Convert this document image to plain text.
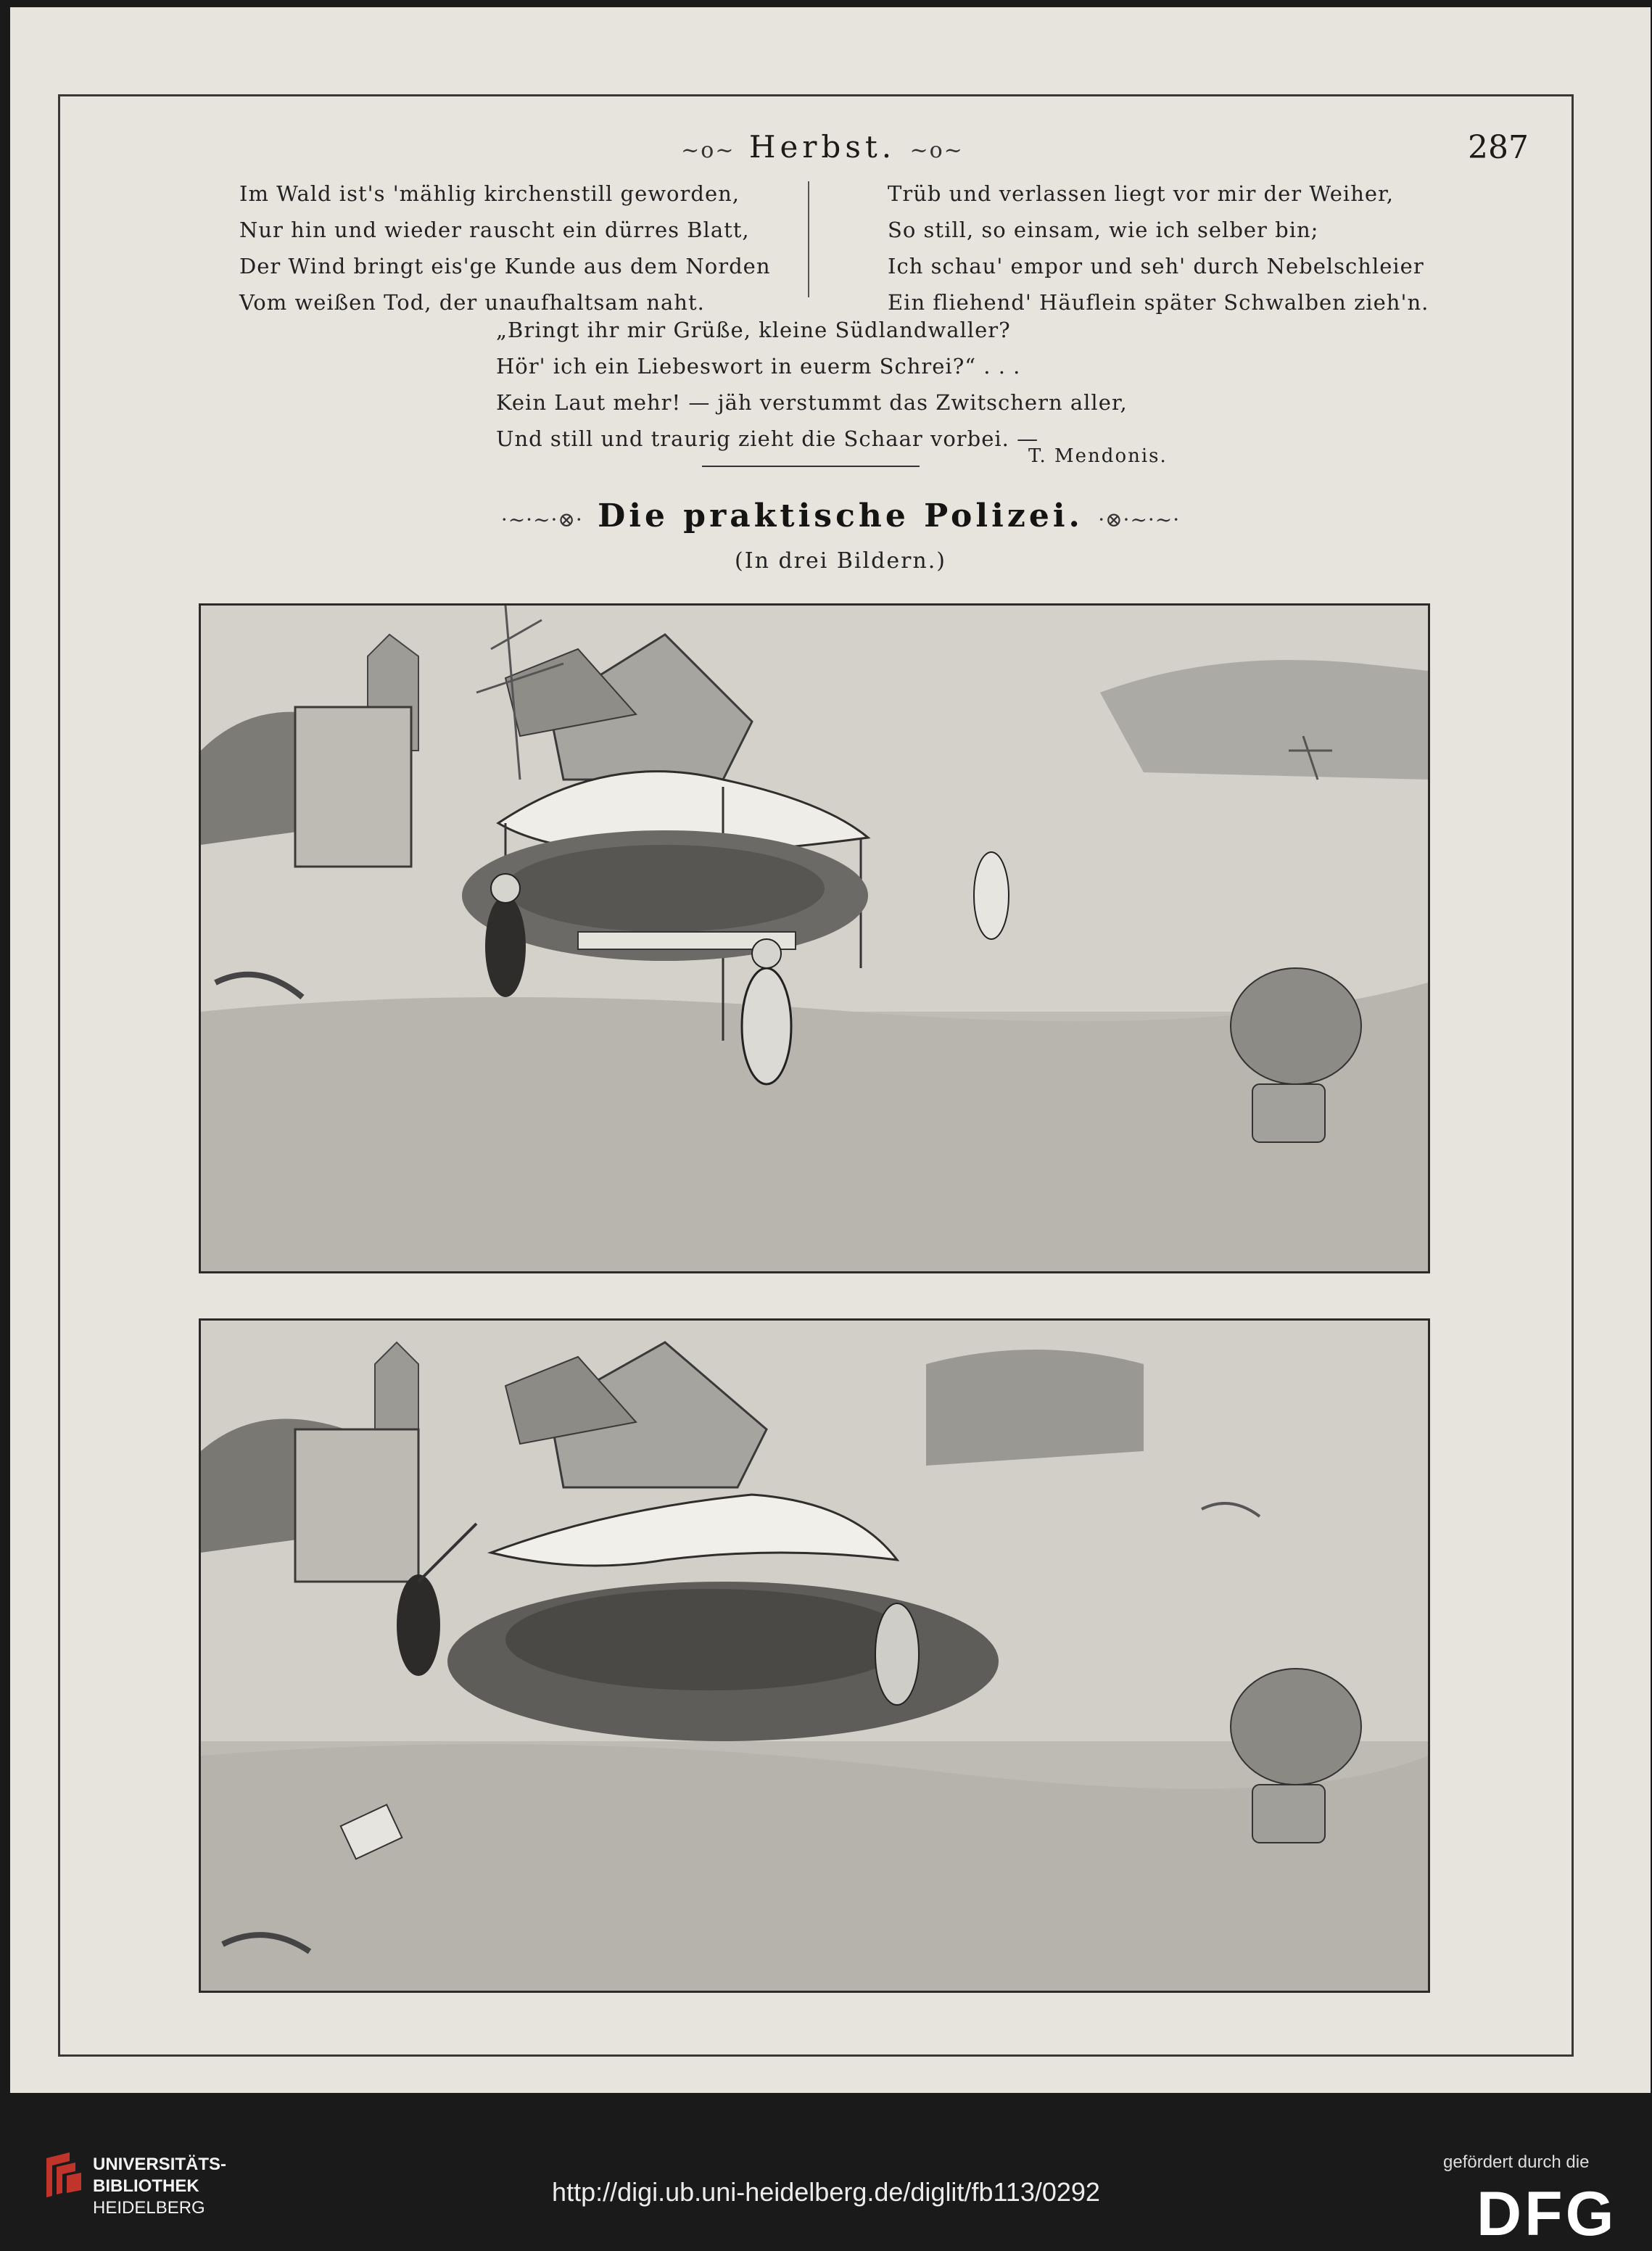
~o~ Herbst. ~o~	287
Im Wald ist's 'mählig kirchenstill geworden,
Nur hin und wieder rauscht ein dürres Blatt,
Der Wind bringt eis'ge Kunde aus dem Norden
Vom weißen Tod, der unaufhaltsam naht.
Trüb und verlassen liegt vor mir der Weiher,
So still, so einsam, wie ich selber bin;
Ich schau' empor und seh' durch Nebelschleier
Ein fliehend' Häuflein später Schwalben zieh'n.
„Bringt ihr mir Grüße, kleine Südlandwaller?
Hör' ich ein Liebeswort in euerm Schrei?“ . . .
Kein Laut mehr! — jäh verstummt das Zwitschern aller,
Und still und traurig zieht die Schaar vorbei. —
T. Mendonis.
·~·~·⊗· Die praktische Polizei. ·⊗·~·~·
(In drei Bildern.)
UNIVERSITÄTS-
BIBLIOTHEK
HEIDELBERG
http://digi.ub.uni-heidelberg.de/diglit/fb113/0292
gefördert durch die
DFG
